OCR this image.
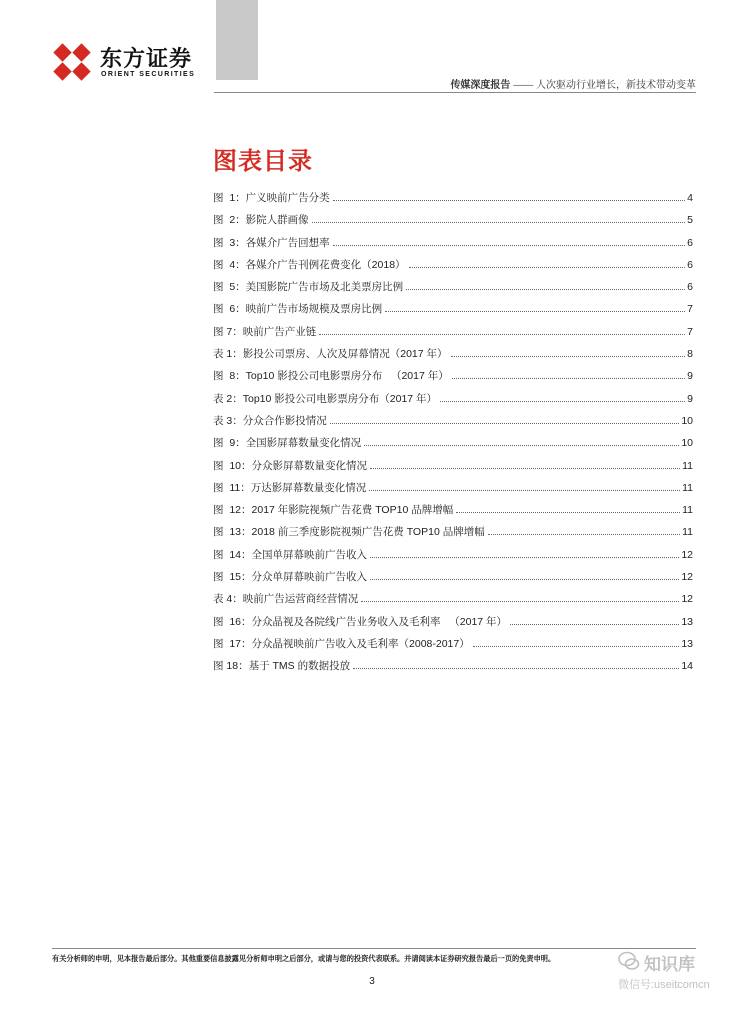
东方证券
ORIENT SECURITIES
传媒深度报告 —— 人次驱动行业增长，新技术带动变革
图表目录
图  1：广义映前广告分类	4
图  2：影院人群画像	5
图  3：各媒介广告回想率	6
图  4：各媒介广告刊例花费变化（2018）	6
图  5：美国影院广告市场及北美票房比例	6
图  6：映前广告市场规模及票房比例	7
图 7：映前广告产业链	7
表 1：影投公司票房、人次及屏幕情况（2017 年）	8
图  8：Top10 影投公司电影票房分布   （2017 年）	9
表 2：Top10 影投公司电影票房分布（2017 年）	9
表 3：分众合作影投情况	10
图  9：全国影屏幕数量变化情况	10
图  10：分众影屏幕数量变化情况	11
图  11：万达影屏幕数量变化情况	11
图  12：2017 年影院视频广告花费 TOP10 品牌增幅	11
图  13：2018 前三季度影院视频广告花费 TOP10 品牌增幅	11
图  14：全国单屏幕映前广告收入	12
图  15：分众单屏幕映前广告收入	12
表 4：映前广告运营商经营情况	12
图  16：分众晶视及各院线广告业务收入及毛利率   （2017 年）	13
图  17：分众晶视映前广告收入及毛利率（2008-2017）	13
图 18：基于 TMS 的数据投放	14
有关分析师的申明，见本报告最后部分。其他重要信息披露见分析师申明之后部分，或请与您的投资代表联系。并请阅读本证券研究报告最后一页的免责申明。
3
知识库
微信号:useitcomcn
